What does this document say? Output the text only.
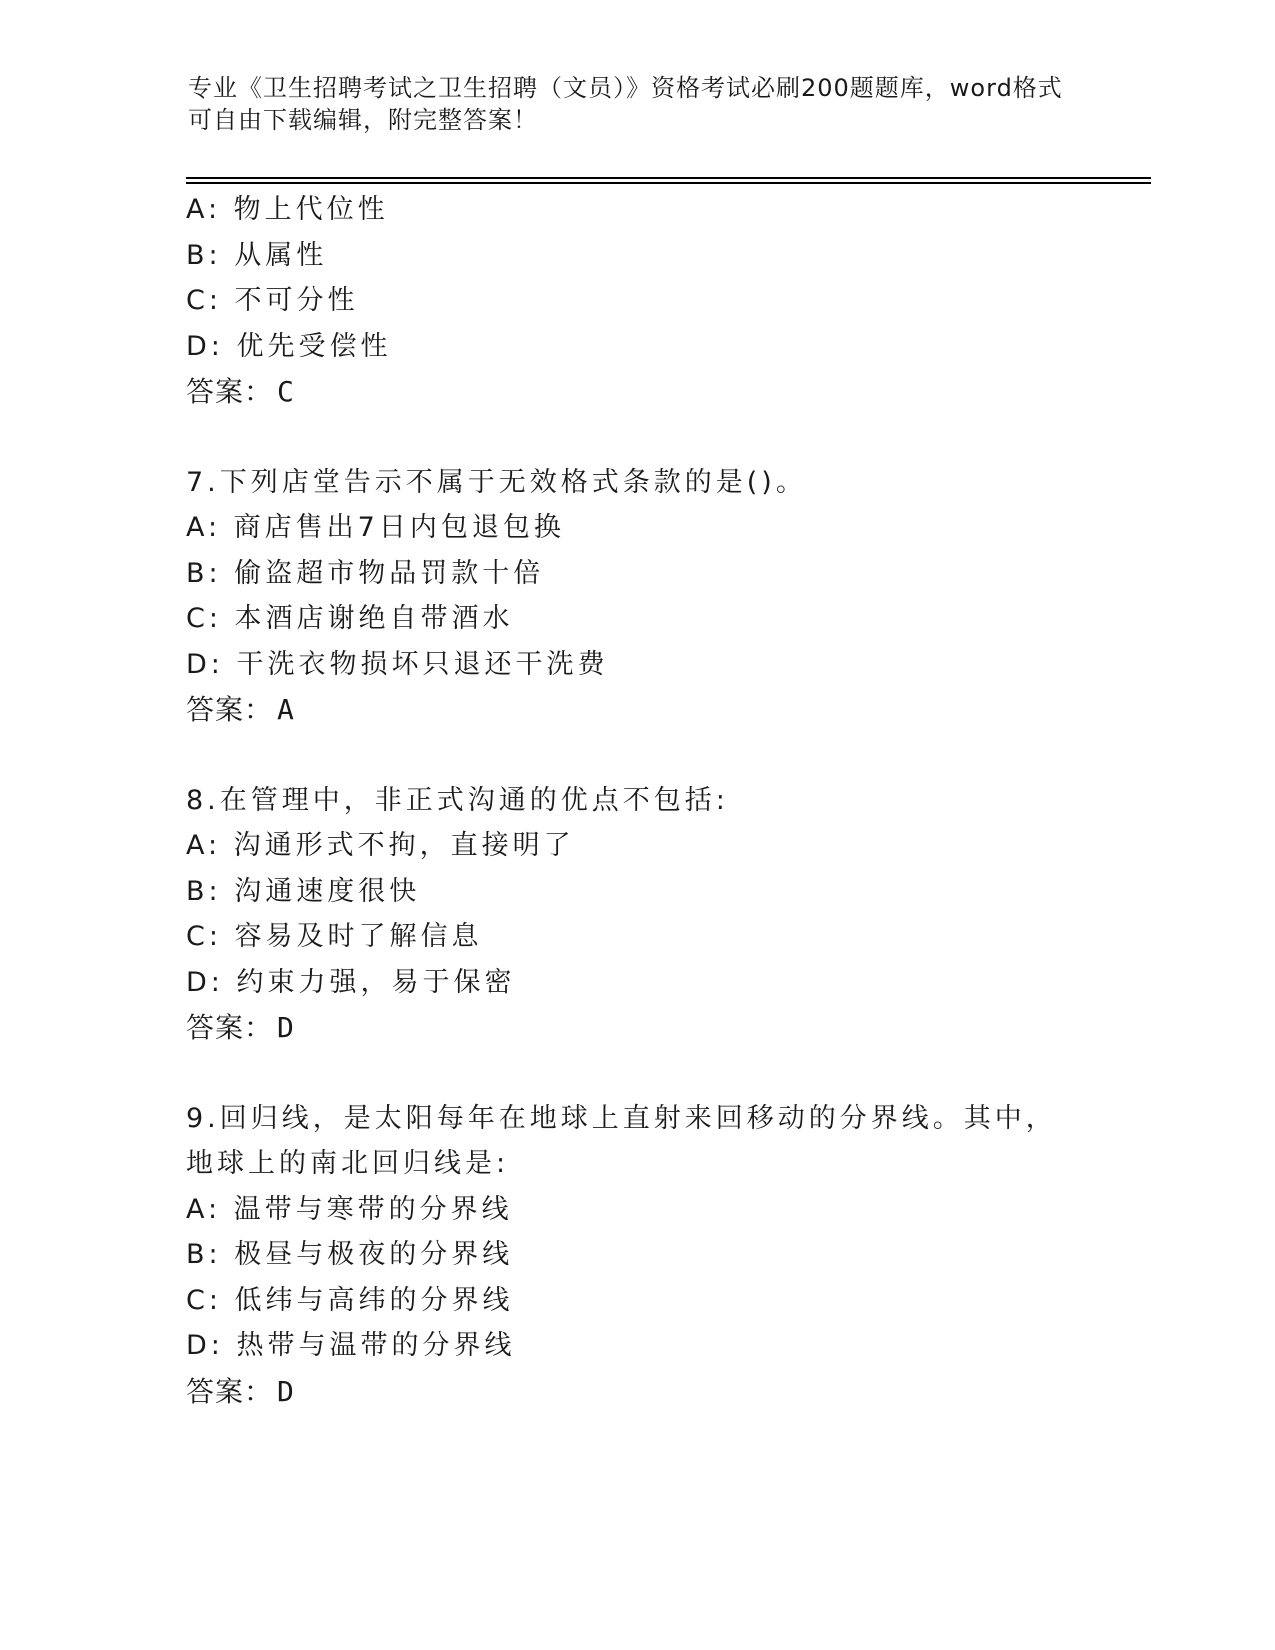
专业《卫生招聘考试之卫生招聘（文员）》资格考试必刷200题题库，word格式
可自由下载编辑，附完整答案！
A: 物上代位性
B: 从属性
C: 不可分性
D: 优先受偿性
答案： C
7.下列店堂告示不属于无效格式条款的是()。
A: 商店售出7日内包退包换
B: 偷盗超市物品罚款十倍
C: 本酒店谢绝自带酒水
D: 干洗衣物损坏只退还干洗费
答案： A
8.在管理中，非正式沟通的优点不包括:
A: 沟通形式不拘，直接明了
B: 沟通速度很快
C: 容易及时了解信息
D: 约束力强，易于保密
答案： D
9.回归线，是太阳每年在地球上直射来回移动的分界线。其中，地球上的南北回归线是:
A: 温带与寒带的分界线
B: 极昼与极夜的分界线
C: 低纬与高纬的分界线
D: 热带与温带的分界线
答案： D
